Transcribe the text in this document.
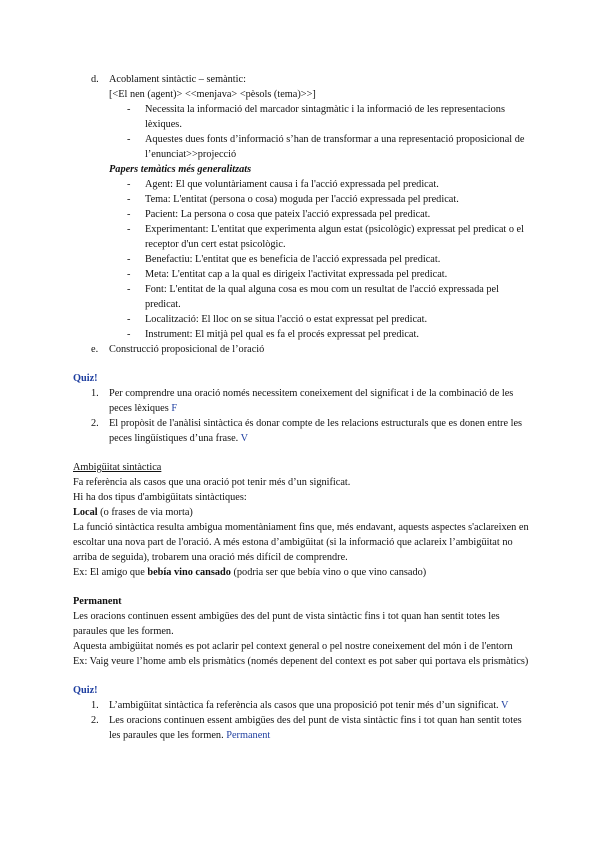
d. Acoblament sintàctic – semàntic:
[<El nen (agent)> <<menjava> <pèsols (tema)>>]
- Necessita la informació del marcador sintagmàtic i la informació de les representacions lèxiques.
- Aquestes dues fonts d’informació s’han de transformar a una representació proposicional de l’enunciat>>projecció
Papers temàtics més generalitzats
- Agent: El que voluntàriament causa i fa l'acció expressada pel predicat.
- Tema: L'entitat (persona o cosa) moguda per l'acció expressada pel predicat.
- Pacient: La persona o cosa que pateix l'acció expressada pel predicat.
- Experimentant: L'entitat que experimenta algun estat (psicològic) expressat pel predicat o el receptor d'un cert estat psicològic.
- Benefactiu: L'entitat que es beneficia de l'acció expressada pel predicat.
- Meta: L'entitat cap a la qual es dirigeix l'activitat expressada pel predicat.
- Font: L'entitat de la qual alguna cosa es mou com un resultat de l'acció expressada pel predicat.
- Localització: El lloc on se situa l'acció o estat expressat pel predicat.
- Instrument: El mitjà pel qual es fa el procés expressat pel predicat.
e.	Construcció proposicional de l’oració
Quiz!
1. Per comprendre una oració només necessitem coneixement del significat i de la combinació de les peces lèxiques F
2. El propòsit de l'anàlisi sintàctica és donar compte de les relacions estructurals que es donen entre les peces lingüístiques d’una frase. V
Ambigüitat sintàctica
Fa referència als casos que una oració pot tenir més d’un significat.
Hi ha dos tipus d'ambigüitats sintàctiques:
Local (o frases de via morta)
La funció sintàctica resulta ambigua momentàniament fins que, més endavant, aquests aspectes s'aclareixen en escoltar una nova part de l'oració. A més estona d’ambigüitat (si la informació que aclareix l’ambigüitat no arriba de seguida), trobarem una oració més difícil de comprendre.
Ex: El amigo que bebía vino cansado (podria ser que bebía vino o que vino cansado)
Permanent
Les oracions continuen essent ambigües des del punt de vista sintàctic fins i tot quan han sentit totes les paraules que les formen.
Aquesta ambigüitat només es pot aclarir pel context general o pel nostre coneixement del món i de l'entorn
Ex: Vaig veure l’home amb els prismàtics (només depenent del context es pot saber qui portava els prismàtics)
Quiz!
1. L’ambigüitat sintàctica fa referència als casos que una proposició pot tenir més d’un significat. V
2. Les oracions continuen essent ambigües des del punt de vista sintàctic fins i tot quan han sentit totes les paraules que les formen. Permanent
